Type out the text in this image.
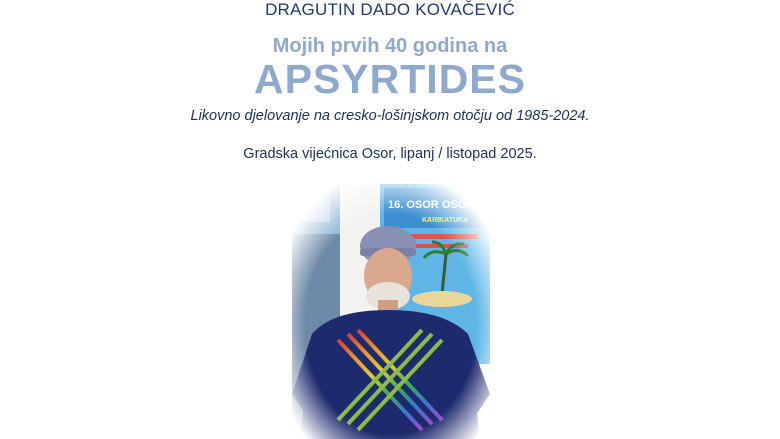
DRAGUTIN DADO KOVAČEVIĆ
Mojih prvih 40 godina na
APSYRTIDES
Likovno djelovanje na cresko-lošinjskom otočju od 1985-2024.
Gradska vijećnica Osor, lipanj / listopad 2025.
